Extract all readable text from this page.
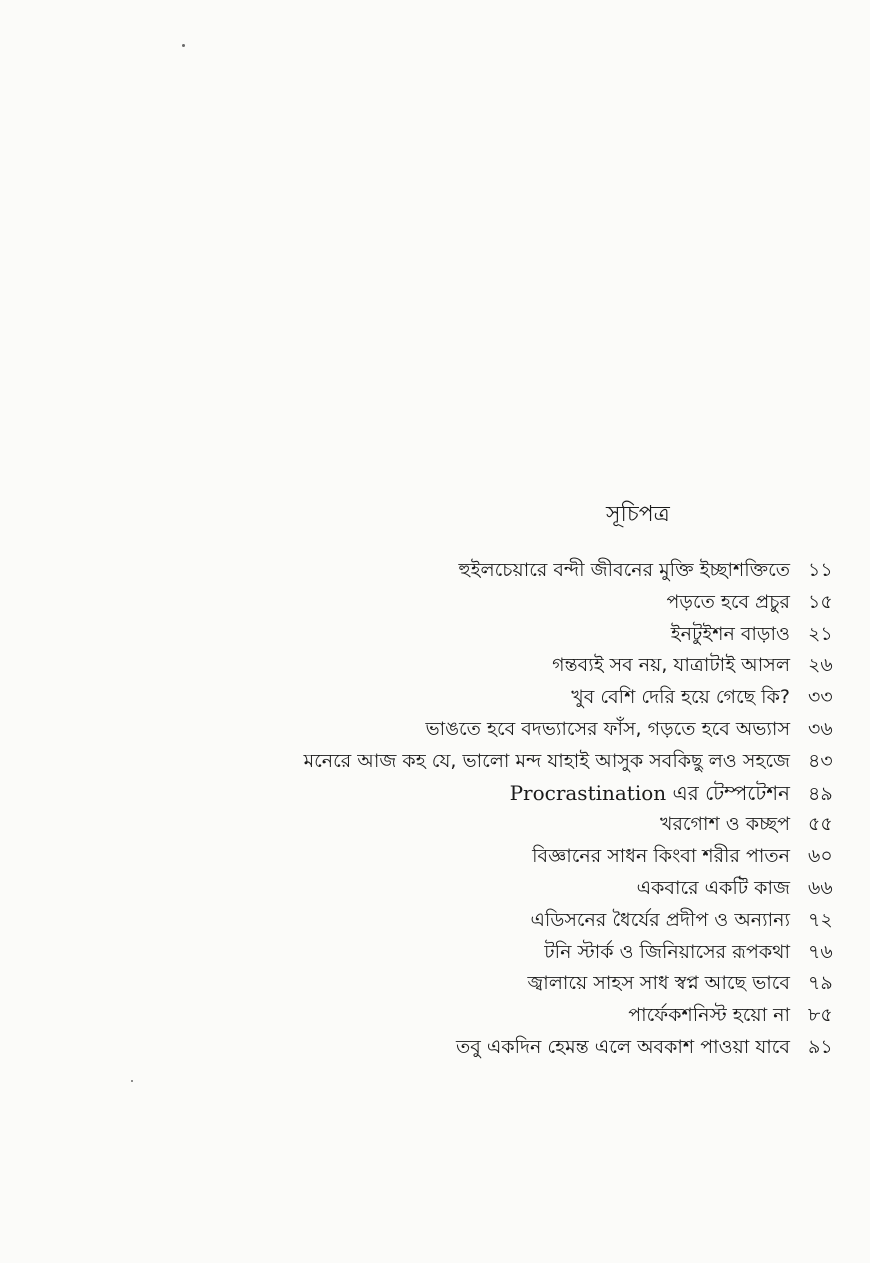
সূচিপত্র
হুইলচেয়ারে বন্দী জীবনের মুক্তি ইচ্ছাশক্তিতে ১১
পড়তে হবে প্রচুর ১৫
ইনটুইশন বাড়াও ২১
গন্তব্যই সব নয়, যাত্রাটাই আসল ২৬
খুব বেশি দেরি হয়ে গেছে কি? ৩৩
ভাঙতে হবে বদভ্যাসের ফাঁস, গড়তে হবে অভ্যাস ৩৬
মনেরে আজ কহ যে, ভালো মন্দ যাহাই আসুক সবকিছু লও সহজে ৪৩
Procrastination এর টেম্পটেশন ৪৯
খরগোশ ও কচ্ছপ ৫৫
বিজ্ঞানের সাধন কিংবা শরীর পাতন ৬০
একবারে একটি কাজ ৬৬
এডিসনের ধৈর্যের প্রদীপ ও অন্যান্য ৭২
টনি স্টার্ক ও জিনিয়াসের রূপকথা ৭৬
জ্বালায়ে সাহস সাধ স্বপ্ন আছে ভাবে ৭৯
পার্ফেকশনিস্ট হয়ো না ৮৫
তবু একদিন হেমন্ত এলে অবকাশ পাওয়া যাবে ৯১
